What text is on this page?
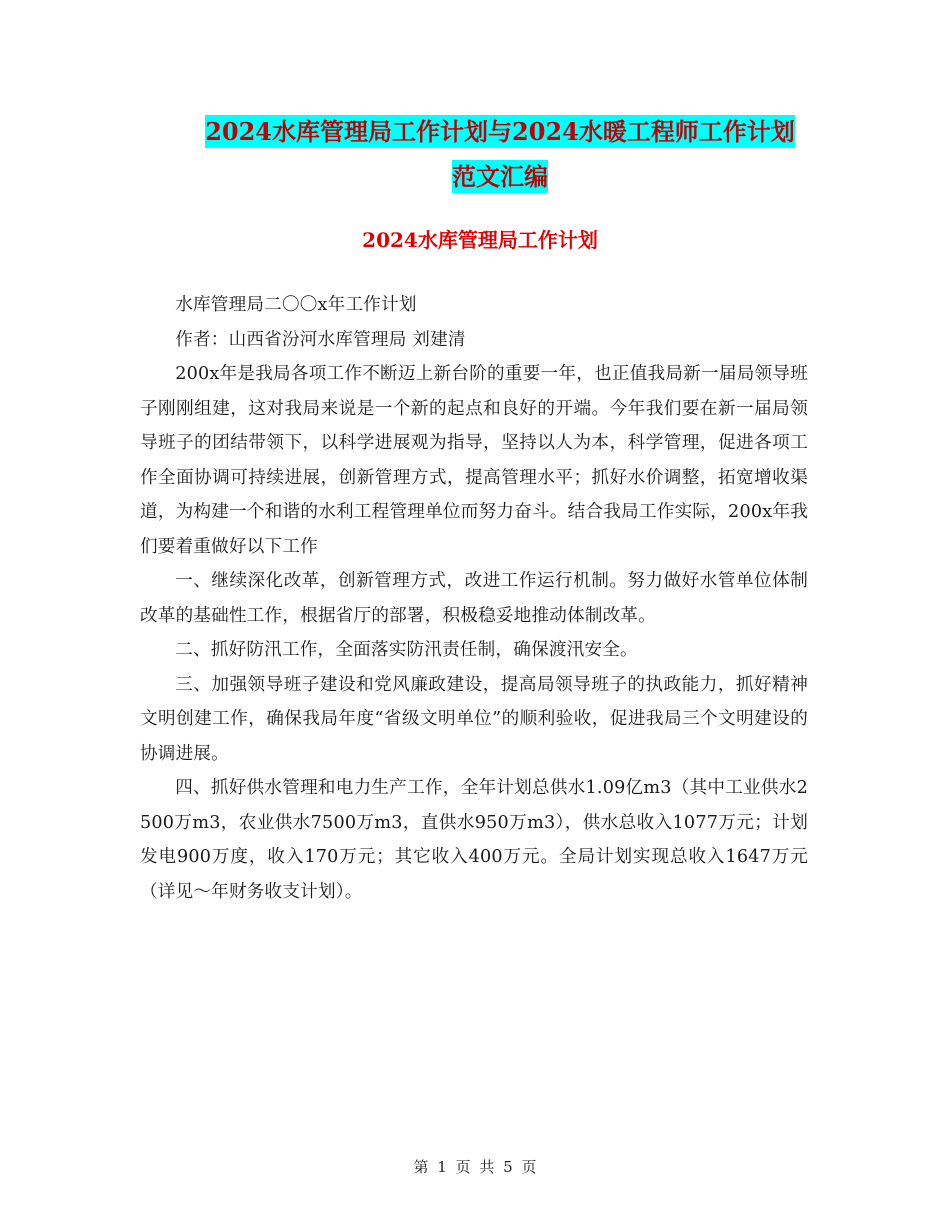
2024水库管理局工作计划与2024水暖工程师工作计划
范文汇编
2024水库管理局工作计划

水库管理局二〇〇x年工作计划

作者：山西省汾河水库管理局 刘建清

200x年是我局各项工作不断迈上新台阶的重要一年，也正值我局新一届局领导班子刚刚组建，这对我局来说是一个新的起点和良好的开端。今年我们要在新一届局领导班子的团结带领下，以科学进展观为指导，坚持以人为本，科学管理，促进各项工作全面协调可持续进展，创新管理方式，提高管理水平；抓好水价调整，拓宽增收渠道，为构建一个和谐的水利工程管理单位而努力奋斗。结合我局工作实际，200x年我们要着重做好以下工作

一、继续深化改革，创新管理方式，改进工作运行机制。努力做好水管单位体制改革的基础性工作，根据省厅的部署，积极稳妥地推动体制改革。

二、抓好防汛工作，全面落实防汛责任制，确保渡汛安全。

三、加强领导班子建设和党风廉政建设，提高局领导班子的执政能力，抓好精神文明创建工作，确保我局年度“省级文明单位”的顺利验收，促进我局三个文明建设的协调进展。

四、抓好供水管理和电力生产工作，全年计划总供水1.09亿m3（其中工业供水2500万m3，农业供水7500万m3，直供水950万m3），供水总收入1077万元；计划发电900万度，收入170万元；其它收入400万元。全局计划实现总收入1647万元（详见～年财务收支计划）。

第 1 页 共 5 页
